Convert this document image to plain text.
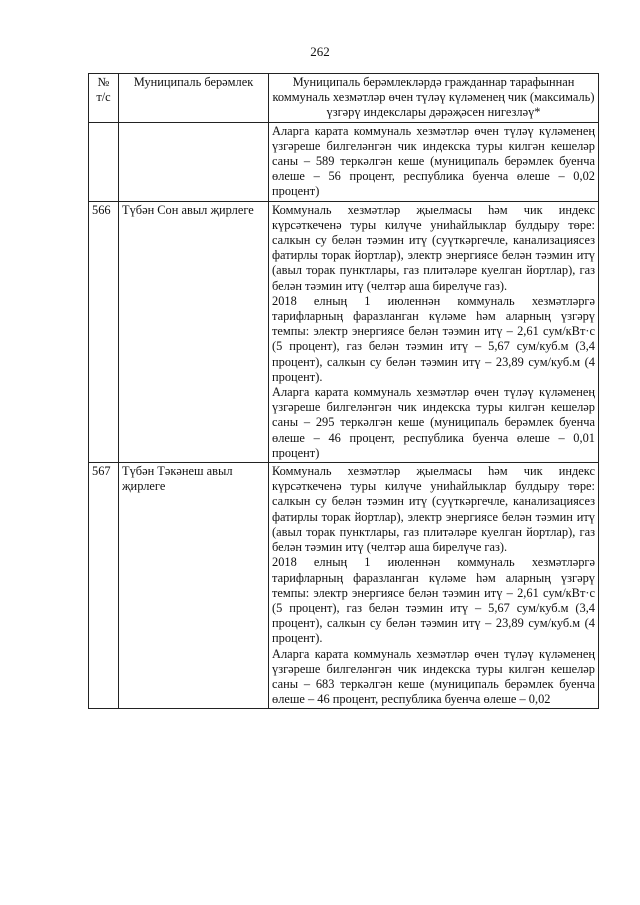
262
№ т/с	Муниципаль берәмлек	Муниципаль берәмлекләрдә гражданнар тарафыннан коммуналь хезмәтләр өчен түләү күләменең чик (максималь) үзгәрү индекслары дәрәҗәсен нигезләү*

		Аларга карата коммуналь хезмәтләр өчен түләү күләменең үзгәреше билгеләнгән чик индекска туры килгән кешеләр саны – 589 теркәлгән кеше (муниципаль берәмлек буенча өлеше – 56 процент, республика буенча өлеше – 0,02 процент)

566	Түбән Сон авыл җирлеге	Коммуналь хезмәтләр җыелмасы һәм чик индекс күрсәткеченә туры килүче униһайлыклар булдыру төре: салкын су белән тәэмин итү (суүткәргечле, канализациясез фатирлы торак йортлар), электр энергиясе белән тәэмин итү (авыл торак пунктлары, газ плитәләре куелган йортлар), газ белән тәэмин итү (челтәр аша бирелүче газ).

2018 елның 1 июленнән коммуналь хезмәтләргә тарифларның фаразланган күләме һәм аларның үзгәрү темпы: электр энергиясе белән тәэмин итү – 2,61 сум/кВт·с (5 процент), газ белән тәэмин итү – 5,67 сум/куб.м (3,4 процент), салкын су белән тәэмин итү – 23,89 сум/куб.м (4 процент).

Аларга карата коммуналь хезмәтләр өчен түләү күләменең үзгәреше билгеләнгән чик индекска туры килгән кешеләр саны – 295 теркәлгән кеше (муниципаль берәмлек буенча өлеше – 46 процент, республика буенча өлеше – 0,01 процент)

567	Түбән Тәкәнеш авыл җирлеге	Коммуналь хезмәтләр җыелмасы һәм чик индекс күрсәткеченә туры килүче униһайлыклар булдыру төре: салкын су белән тәэмин итү (суүткәргечле, канализациясез фатирлы торак йортлар), электр энергиясе белән тәэмин итү (авыл торак пунктлары, газ плитәләре куелган йортлар), газ белән тәэмин итү (челтәр аша бирелүче газ).

2018 елның 1 июленнән коммуналь хезмәтләргә тарифларның фаразланган күләме һәм аларның үзгәрү темпы: электр энергиясе белән тәэмин итү – 2,61 сум/кВт·с (5 процент), газ белән тәэмин итү – 5,67 сум/куб.м (3,4 процент), салкын су белән тәэмин итү – 23,89 сум/куб.м (4 процент).

Аларга карата коммуналь хезмәтләр өчен түләү күләменең үзгәреше билгеләнгән чик индекска туры килгән кешеләр саны – 683 теркәлгән кеше (муниципаль берәмлек буенча өлеше – 46 процент, республика буенча өлеше – 0,02
